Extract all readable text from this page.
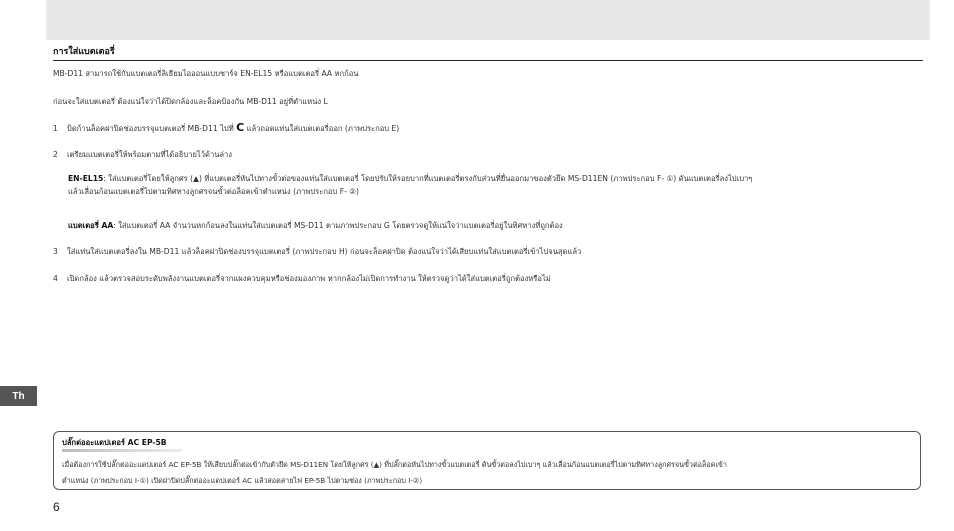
การใส่แบตเตอรี่
MB-D11 สามารถใช้กับแบตเตอรี่ลิเธียมไอออนแบบชาร์จ EN-EL15 หรือแบตเตอรี่ AA หกก้อน
ก่อนจะใส่แบตเตอรี่ ต้องแน่ใจว่าได้ปิดกล้องและล็อคป้องกัน MB-D11 อยู่ที่ตำแหน่ง L
1 บิดก้านล็อคฝาปิดช่องบรรจุแบตเตอรี่ MB-D11 ไปที่ C แล้วถอดแท่นใส่แบตเตอรี่ออก (ภาพประกอบ E)
2 เตรียมแบตเตอรี่ให้พร้อมตามที่ได้อธิบายไว้ด้านล่าง
EN-EL15: ใส่แบตเตอรี่โดยให้ลูกศร (▲) ที่แบตเตอรี่หันไปทางขั้วต่อของแท่นใส่แบตเตอรี่ โดยปรับให้รอยบากที่แบตเตอรี่ตรงกับส่วนที่ยื่นออกมาของตัวยึด MS-D11EN (ภาพประกอบ F- ①) ดันแบตเตอรี่ลงไปเบาๆ
แล้วเลื่อนก้อนแบตเตอรี่ไปตามทิศทางลูกศรจนขั้วต่อล็อคเข้าตำแหน่ง (ภาพประกอบ F- ②)
แบตเตอรี่ AA: ใส่แบตเตอรี่ AA จำนวนหกก้อนลงในแท่นใส่แบตเตอรี่ MS-D11 ตามภาพประกอบ G โดยตรวจดูให้แน่ใจว่าแบตเตอรี่อยู่ในทิศทางที่ถูกต้อง
3 ใส่แท่นใส่แบตเตอรี่ลงใน MB-D11 แล้วล็อคฝาปิดช่องบรรจุแบตเตอรี่ (ภาพประกอบ H) ก่อนจะล็อคฝาปิด ต้องแน่ใจว่าได้เสียบแท่นใส่แบตเตอรี่เข้าไปจนสุดแล้ว
4 เปิดกล้อง แล้วตรวจสอบระดับพลังงานแบตเตอรี่จากแผงควบคุมหรือช่องมองภาพ หากกล้องไม่เปิดการทำงาน ให้ตรวจดูว่าได้ใส่แบตเตอรี่ถูกต้องหรือไม่
Th
ปลั๊กต่ออะแดปเตอร์ AC EP-5B
เมื่อต้องการใช้ปลั๊กต่ออะแดปเตอร์ AC EP-5B ให้เสียบปลั๊กต่อเข้ากับตัวยึด MS-D11EN โดยให้ลูกศร (▲) ที่ปลั๊กต่อหันไปทางขั้วแบตเตอรี่ ดันขั้วต่อลงไปเบาๆ แล้วเลื่อนก้อนแบตเตอรี่ไปตามทิศทางลูกศรจนขั้วต่อล็อคเข้า
ตำแหน่ง (ภาพประกอบ I-①) เปิดฝาปิดปลั๊กต่ออะแดปเตอร์ AC แล้วสอดสายไฟ EP-5B ไปตามช่อง (ภาพประกอบ I-②)
6
